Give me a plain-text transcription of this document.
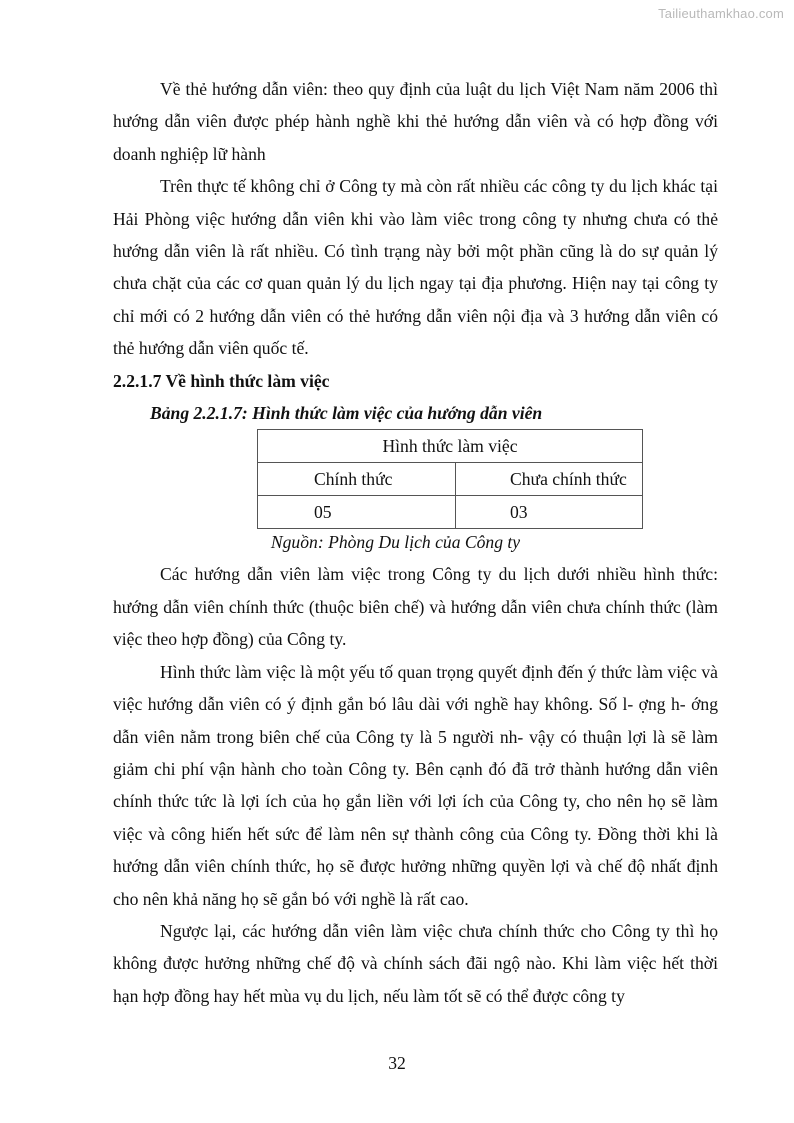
Tailieuthamkhao.com

Về thẻ hướng dẫn viên: theo quy định của luật du lịch Việt Nam năm 2006 thì hướng dẫn viên được phép hành nghề khi thẻ hướng dẫn viên và có hợp đồng với doanh nghiệp lữ hành

Trên thực tế không chỉ ở Công ty mà còn rất nhiều các công ty du lịch khác tại Hải Phòng việc hướng dẫn viên khi vào làm viêc trong công ty nhưng chưa có thẻ hướng dẫn viên là rất nhiều. Có tình trạng này bởi một phần cũng là do sự quản lý chưa chặt của các cơ quan quản lý du lịch ngay tại địa phương. Hiện nay tại công ty chỉ mới có 2 hướng dẫn viên có thẻ hướng dẫn viên nội địa và 3 hướng dẫn viên có thẻ hướng dẫn viên quốc tế.

2.2.1.7 Về hình thức làm việc

Bảng 2.2.1.7: Hình thức làm việc của hướng dẫn viên

Hình thức làm việc	
Chính thức	Chưa chính thức
05	03

Nguồn: Phòng Du lịch của Công ty

Các hướng dẫn viên làm việc trong Công ty du lịch dưới nhiều hình thức: hướng dẫn viên chính thức (thuộc biên chế) và hướng dẫn viên chưa chính thức (làm việc theo hợp đồng) của Công ty.

Hình thức làm việc là một yếu tố quan trọng quyết định đến ý thức làm việc và việc hướng dẫn viên có ý định gắn bó lâu dài với nghề hay không. Số l- ợng h- ớng dẫn viên nằm trong biên chế của Công ty là 5 người nh- vậy có thuận lợi là sẽ làm giảm chi phí vận hành cho toàn Công ty. Bên cạnh đó đã trở thành hướng dẫn viên chính thức tức là lợi ích của họ gắn liền với lợi ích của Công ty, cho nên họ sẽ làm việc và công hiến hết sức để làm nên sự thành công của Công ty. Đồng thời khi là hướng dẫn viên chính thức, họ sẽ được hưởng những quyền lợi và chế độ nhất định cho nên khả năng họ sẽ gắn bó với nghề là rất cao.

Ngược lại, các hướng dẫn viên làm việc chưa chính thức cho Công ty thì họ không được hưởng những chế độ và chính sách đãi ngộ nào. Khi làm việc hết thời hạn hợp đồng hay hết mùa vụ du lịch, nếu làm tốt sẽ có thể được công ty

32
